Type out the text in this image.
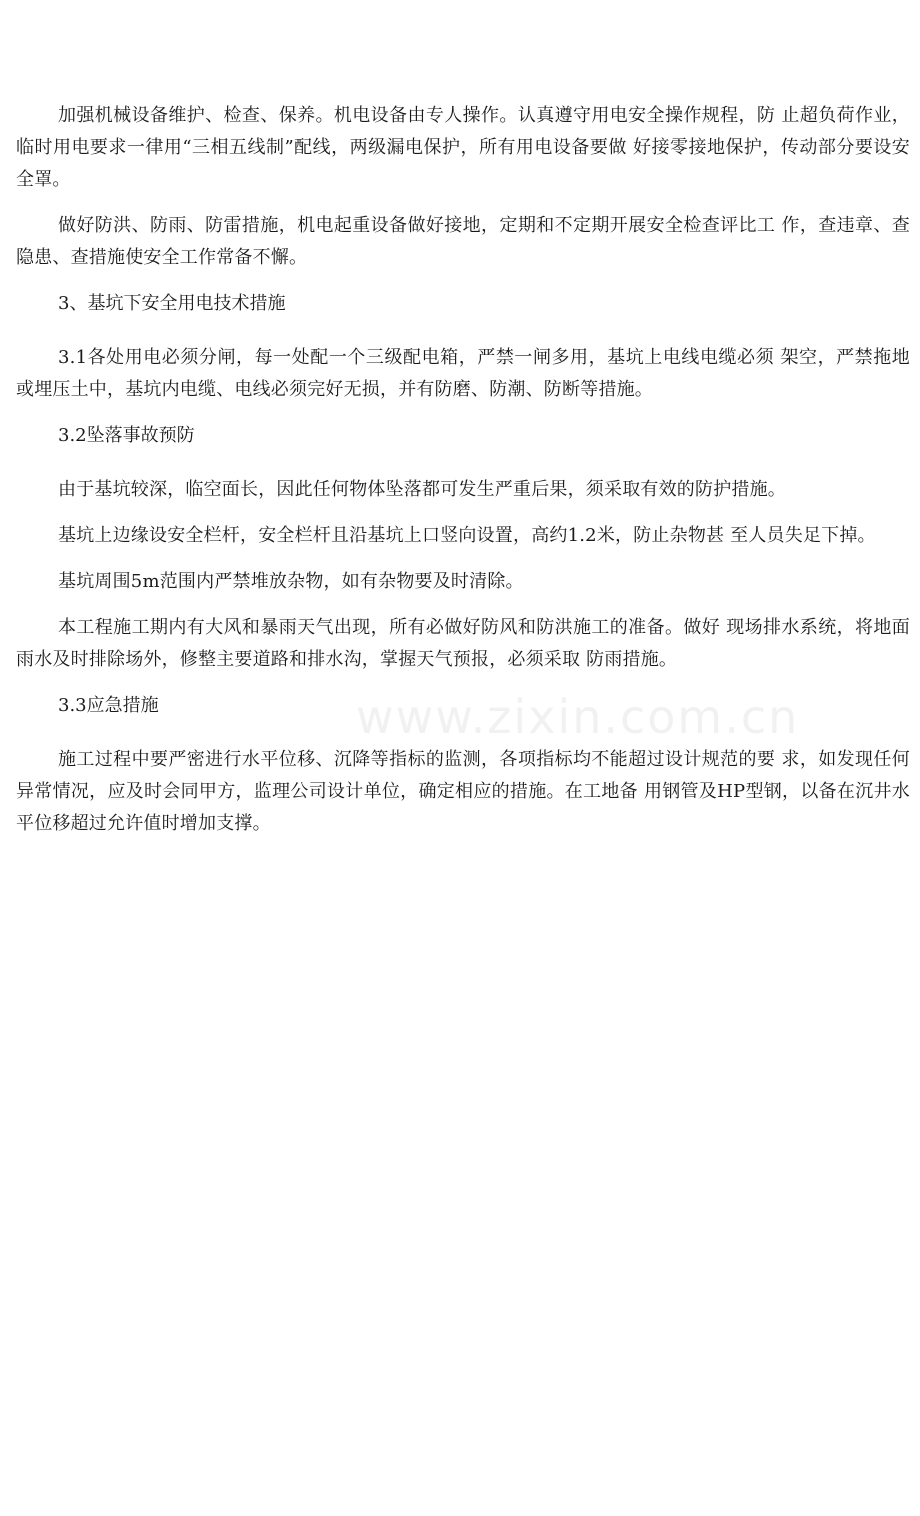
加强机械设备维护、检查、保养。机电设备由专人操作。认真遵守用电安全操作规程，防 止超负荷作业，临时用电要求一律用“三相五线制”配线，两级漏电保护，所有用电设备要做 好接零接地保护，传动部分要设安全罩。

做好防洪、防雨、防雷措施，机电起重设备做好接地，定期和不定期开展安全检查评比工 作，查违章、查隐患、查措施使安全工作常备不懈。

3、基坑下安全用电技术措施

3.1各处用电必须分闸，每一处配一个三级配电箱，严禁一闸多用，基坑上电线电缆必须 架空，严禁拖地或埋压土中，基坑内电缆、电线必须完好无损，并有防磨、防潮、防断等措施。

3.2坠落事故预防

由于基坑较深，临空面长，因此任何物体坠落都可发生严重后果，须采取有效的防护措施。

基坑上边缘设安全栏杆，安全栏杆且沿基坑上口竖向设置，高约1.2米，防止杂物甚 至人员失足下掉。

基坑周围5m范围内严禁堆放杂物，如有杂物要及时清除。

本工程施工期内有大风和暴雨天气出现，所有必做好防风和防洪施工的准备。做好 现场排水系统，将地面雨水及时排除场外，修整主要道路和排水沟，掌握天气预报，必须采取 防雨措施。

3.3应急措施

施工过程中要严密进行水平位移、沉降等指标的监测，各项指标均不能超过设计规范的要 求，如发现任何异常情况，应及时会同甲方，监理公司设计单位，确定相应的措施。在工地备 用钢管及HP型钢，以备在沉井水平位移超过允许值时增加支撑。

www.zixin.com.cn
